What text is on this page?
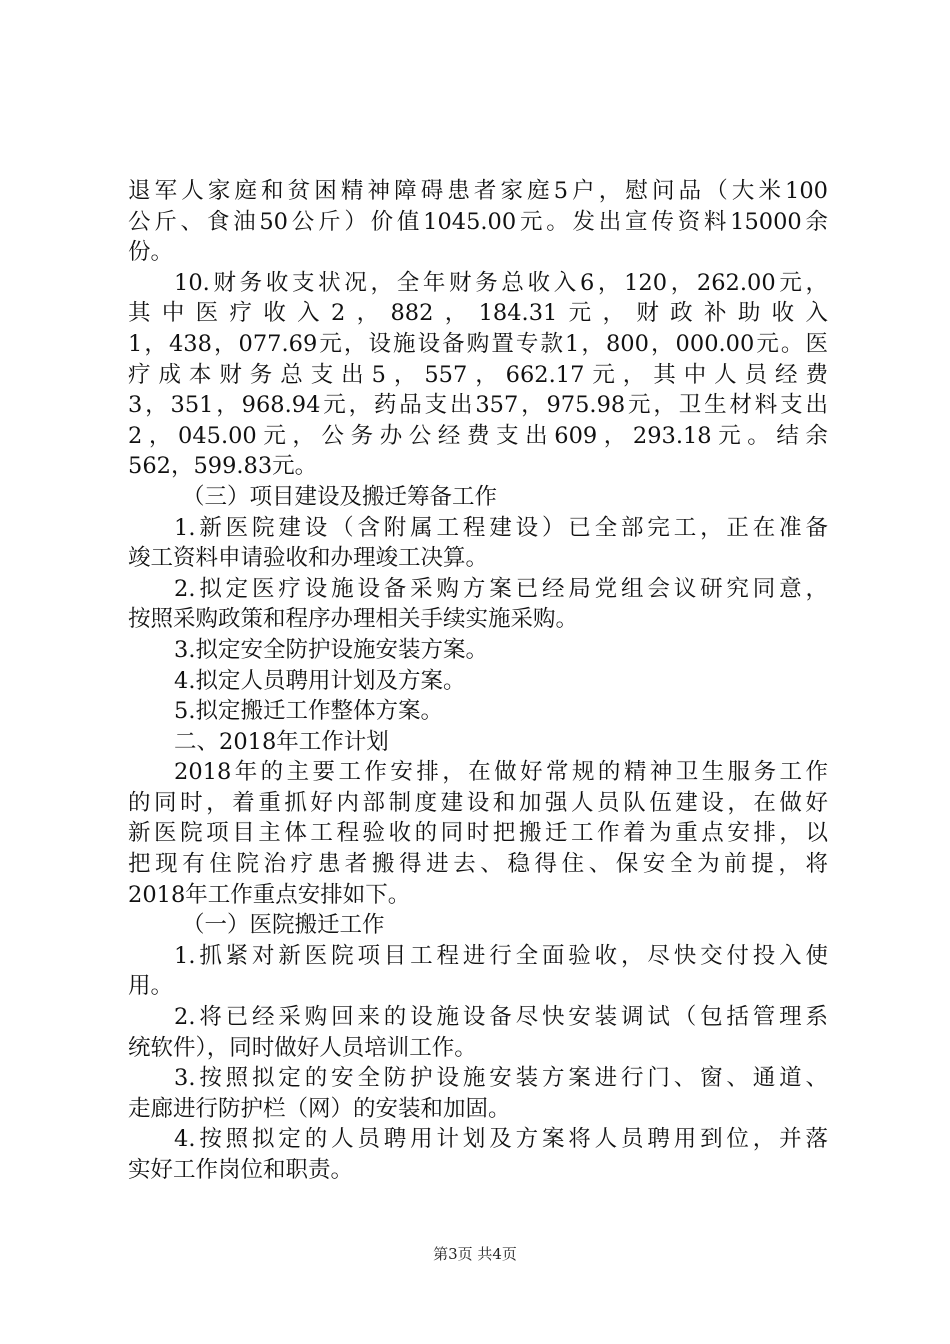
退军人家庭和贫困精神障碍患者家庭5户，慰问品（大米100
公斤、食油50公斤）价值1045.00元。发出宣传资料15000余
份。
10.财务收支状况，全年财务总收入6，120，262.00元，
其中医疗收入2，882，184.31元，财政补助收入
1，438，077.69元，设施设备购置专款1，800，000.00元。医
疗成本财务总支出5，557，662.17元，其中人员经费
3，351，968.94元，药品支出357，975.98元，卫生材料支出
2，045.00元，公务办公经费支出609，293.18元。结余
562，599.83元。
（三）项目建设及搬迁筹备工作
1.新医院建设（含附属工程建设）已全部完工，正在准备
竣工资料申请验收和办理竣工决算。
2.拟定医疗设施设备采购方案已经局党组会议研究同意，
按照采购政策和程序办理相关手续实施采购。
3.拟定安全防护设施安装方案。
4.拟定人员聘用计划及方案。
5.拟定搬迁工作整体方案。
二、2018年工作计划
2018年的主要工作安排，在做好常规的精神卫生服务工作
的同时，着重抓好内部制度建设和加强人员队伍建设，在做好
新医院项目主体工程验收的同时把搬迁工作着为重点安排，以
把现有住院治疗患者搬得进去、稳得住、保安全为前提，将
2018年工作重点安排如下。
（一）医院搬迁工作
1.抓紧对新医院项目工程进行全面验收，尽快交付投入使
用。
2.将已经采购回来的设施设备尽快安装调试（包括管理系
统软件），同时做好人员培训工作。
3.按照拟定的安全防护设施安装方案进行门、窗、通道、
走廊进行防护栏（网）的安装和加固。
4.按照拟定的人员聘用计划及方案将人员聘用到位，并落
实好工作岗位和职责。
第3页 共4页
